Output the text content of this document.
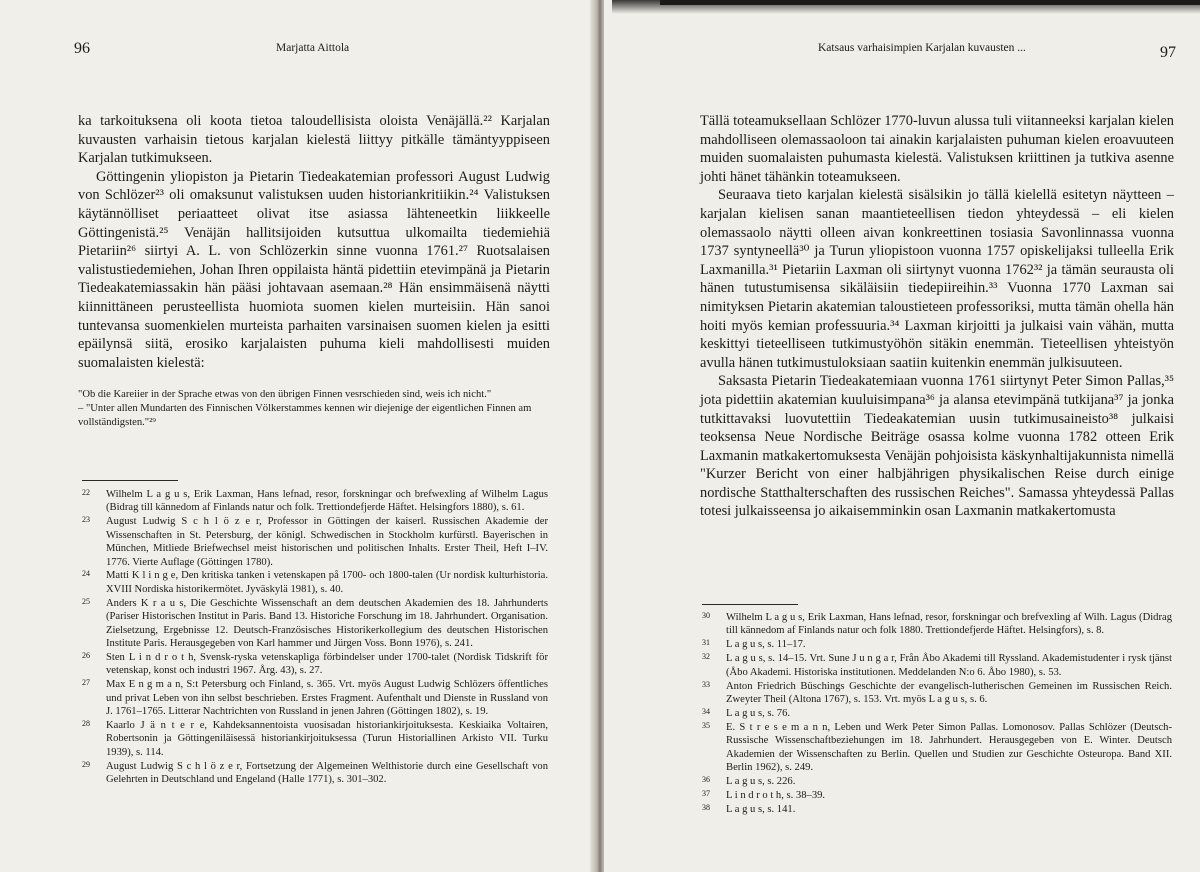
96	Marjatta Aittola

ka tarkoituksena oli koota tietoa taloudellisista oloista Venäjällä.²² Karjalan kuvausten varhaisin tietous karjalan kielestä liittyy pitkälle tämäntyyppiseen Karjalan tutkimukseen.

Göttingenin yliopiston ja Pietarin Tiedeakatemian professori August Ludwig von Schlözer²³ oli omaksunut valistuksen uuden historiankritiikin.²⁴ Valistuksen käytännölliset periaatteet olivat itse asiassa lähteneetkin liikkeelle Göttingenistä.²⁵ Venäjän hallitsijoiden kutsuttua ulkomailta tiedemiehiä Pietariin²⁶ siirtyi A. L. von Schlözerkin sinne vuonna 1761.²⁷ Ruotsalaisen valistustiedemiehen, Johan Ihren oppilaista häntä pidettiin etevimpänä ja Pietarin Tiedeakatemiassakin hän pääsi johtavaan asemaan.²⁸ Hän ensimmäisenä näytti kiinnittäneen perusteellista huomiota suomen kielen murteisiin. Hän sanoi tuntevansa suomenkielen murteista parhaiten varsinaisen suomen kielen ja esitti epäilynsä siitä, erosiko karjalaisten puhuma kieli mahdollisesti muiden suomalaisten kielestä:

"Ob die Kareiier in der Sprache etwas von den übrigen Finnen vesrschieden sind, weis ich nicht."

– "Unter allen Mundarten des Finnischen Völkerstammes kennen wir diejenige der eigentlichen Finnen am vollständigsten."²⁹

22 Wilhelm L a g u s, Erik Laxman, Hans lefnad, resor, forskningar och brefwexling af Wilhelm Lagus (Bidrag till kännedom af Finlands natur och folk. Trettiondefjerde Häftet. Helsingfors 1880), s. 61.
23 August Ludwig S c h l ö z e r, Professor in Göttingen der kaiserl. Russischen Akademie der Wissenschaften in St. Petersburg, der königl. Schwedischen in Stockholm kurfürstl. Bayerischen in München, Mitliede Briefwechsel meist historischen und politischen Inhalts. Erster Theil, Heft I–IV. 1776. Vierte Auflage (Göttingen 1780).
24 Matti K l i n g e, Den kritiska tanken i vetenskapen på 1700- och 1800-talen (Ur nordisk kulturhistoria. XVIII Nordiska historikermötet. Jyväskylä 1981), s. 40.
25 Anders K r a u s, Die Geschichte Wissenschaft an dem deutschen Akademien des 18. Jahrhunderts (Pariser Historischen Institut in Paris. Band 13. Historiche Forschung im 18. Jahrhundert. Organisation. Zielsetzung, Ergebnisse 12. Deutsch-Französisches Historikerkollegium des deutschen Historischen Institute Paris. Herausgegeben von Karl hammer und Jürgen Voss. Bonn 1976), s. 241.
26 Sten L i n d r o t h, Svensk-ryska vetenskapliga förbindelser under 1700-talet (Nordisk Tidskrift för vetenskap, konst och industri 1967. Årg. 43), s. 27.
27 Max E n g m a n, S:t Petersburg och Finland, s. 365. Vrt. myös August Ludwig Schlözers öffentliches und privat Leben von ihn selbst beschrieben. Erstes Fragment. Aufenthalt und Dienste in Russland von J. 1761–1765. Litterar Nachtrichten von Russland in jenen Jahren (Göttingen 1802), s. 19.
28 Kaarlo J ä n t e r e, Kahdeksannentoista vuosisadan historiankirjoituksesta. Keskiaika Voltairen, Robertsonin ja Göttingeniläisessä historiankirjoituksessa (Turun Historiallinen Arkisto VII. Turku 1939), s. 114.
29 August Ludwig S c h l ö z e r, Fortsetzung der Algemeinen Welthistorie durch eine Gesellschaft von Gelehrten in Deutschland und Engeland (Halle 1771), s. 301–302.
Katsaus varhaisimpien Karjalan kuvausten ...	97

Tällä toteamuksellaan Schlözer 1770-luvun alussa tuli viitanneeksi karjalan kielen mahdolliseen olemassaoloon tai ainakin karjalaisten puhuman kielen eroavuuteen muiden suomalaisten puhumasta kielestä. Valistuksen kriittinen ja tutkiva asenne johti hänet tähänkin toteamukseen.

Seuraava tieto karjalan kielestä sisälsikin jo tällä kielellä esitetyn näytteen – karjalan kielisen sanan maantieteellisen tiedon yhteydessä – eli kielen olemassaolo näytti olleen aivan konkreettinen tosiasia Savonlinnassa vuonna 1737 syntyneellä³⁰ ja Turun yliopistoon vuonna 1757 opiskelijaksi tulleella Erik Laxmanilla.³¹ Pietariin Laxman oli siirtynyt vuonna 1762³² ja tämän seurausta oli hänen tutustumisensa sikäläisiin tiedepiireihin.³³ Vuonna 1770 Laxman sai nimityksen Pietarin akatemian taloustieteen professoriksi, mutta tämän ohella hän hoiti myös kemian professuuria.³⁴ Laxman kirjoitti ja julkaisi vain vähän, mutta keskittyi tieteelliseen tutkimustyöhön sitäkin enemmän. Tieteellisen yhteistyön avulla hänen tutkimustuloksiaan saatiin kuitenkin enemmän julkisuuteen.

Saksasta Pietarin Tiedeakatemiaan vuonna 1761 siirtynyt Peter Simon Pallas,³⁵ jota pidettiin akatemian kuuluisimpana³⁶ ja alansa etevimpänä tutkijana³⁷ ja jonka tutkittavaksi luovutettiin Tiedeakatemian uusin tutkimusaineisto³⁸ julkaisi teoksensa Neue Nordische Beiträge osassa kolme vuonna 1782 otteen Erik Laxmanin matkakertomuksesta Venäjän pohjoisista käskynhaltijakunnista nimellä "Kurzer Bericht von einer halbjährigen physikalischen Reise durch einige nordische Statthalterschaften des russischen Reiches". Samassa yhteydessä Pallas totesi julkaisseensa jo aikaisemminkin osan Laxmanin matkakertomusta

30 Wilhelm L a g u s, Erik Laxman, Hans lefnad, resor, forskningar och brefvexling af Wilh. Lagus (Didrag till kännedom af Finlands natur och folk 1880. Trettiondefjerde Häftet. Helsingfors), s. 8.
31 L a g u s, s. 11–17.
32 L a g u s, s. 14–15. Vrt. Sune J u n g a r, Från Åbo Akademi till Ryssland. Akademistudenter i rysk tjänst (Åbo Akademi. Historiska institutionen. Meddelanden N:o 6. Åbo 1980), s. 53.
33 Anton Friedrich Büschings Geschichte der evangelisch-lutherischen Gemeinen im Russischen Reich. Zweyter Theil (Altona 1767), s. 153. Vrt. myös L a g u s, s. 6.
34 L a g u s, s. 76.
35 E. S t r e s e m a n n, Leben und Werk Peter Simon Pallas. Lomonosov. Pallas Schlözer (Deutsch-Russische Wissenschaftbeziehungen im 18. Jahrhundert. Herausgegeben von E. Winter. Deutsch Akademien der Wissenschaften zu Berlin. Quellen und Studien zur Geschichte Osteuropa. Band XII. Berlin 1962), s. 249.
36 L a g u s, s. 226.
37 L i n d r o t h, s. 38–39.
38 L a g u s, s. 141.
